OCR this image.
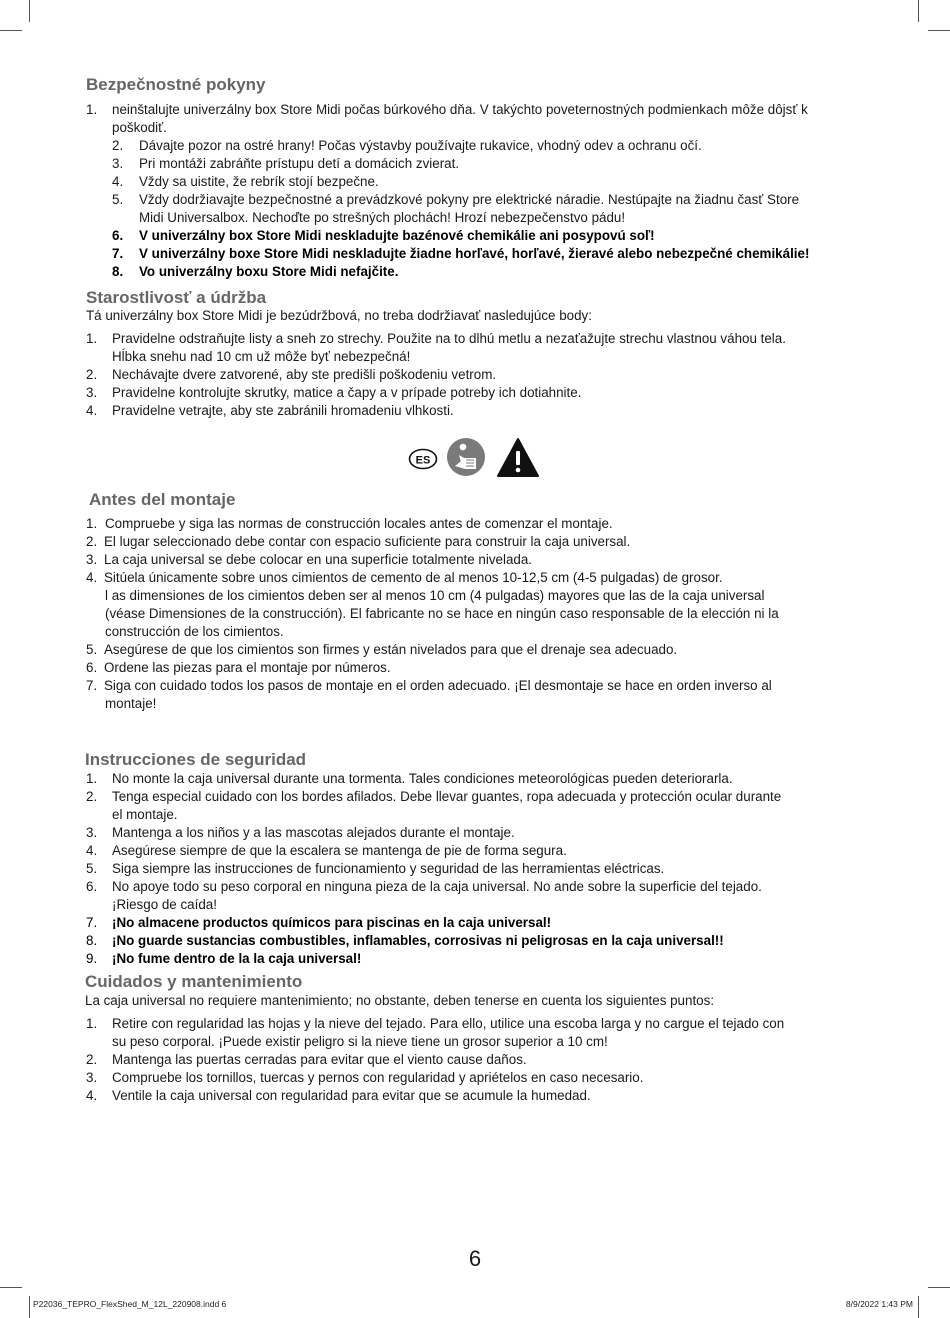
Bezpečnostné pokyny
1. neinštalujte univerzálny box Store Midi počas búrkového dňa. V takýchto poveternostných podmienkach môže dôjsť k
poškodiť.
2. Dávajte pozor na ostré hrany! Počas výstavby používajte rukavice, vhodný odev a ochranu očí.
3. Pri montáži zabráňte prístupu detí a domácich zvierat.
4. Vždy sa uistite, že rebrík stojí bezpečne.
5. Vždy dodržiavajte bezpečnostné a prevádzkové pokyny pre elektrické náradie. Nestúpajte na žiadnu časť Store
Midi Universalbox. Nechoďte po strešných plochách! Hrozí nebezpečenstvo pádu!
6. V univerzálny box Store Midi neskladujte bazénové chemikálie ani posypovú soľ!
7. V univerzálny boxe Store Midi neskladujte žiadne horľavé, horľavé, žieravé alebo nebezpečné chemikálie!
8. Vo univerzálny boxu Store Midi nefajčite.
Starostlivosť a údržba
Tá univerzálny box Store Midi je bezúdržbová, no treba dodržiavať nasledujúce body:
1. Pravidelne odstraňujte listy a sneh zo strechy. Použite na to dlhú metlu a nezaťažujte strechu vlastnou váhou tela.
Hĺbka snehu nad 10 cm už môže byť nebezpečná!
2. Nechávajte dvere zatvorené, aby ste predišli poškodeniu vetrom.
3. Pravidelne kontrolujte skrutky, matice a čapy a v prípade potreby ich dotiahnite.
4. Pravidelne vetrajte, aby ste zabránili hromadeniu vlhkosti.
ES
Antes del montaje
1. Compruebe y siga las normas de construcción locales antes de comenzar el montaje.
2. El lugar seleccionado debe contar con espacio suficiente para construir la caja universal.
3. La caja universal se debe colocar en una superficie totalmente nivelada.
4. Sitúela únicamente sobre unos cimientos de cemento de al menos 10-12,5 cm (4-5 pulgadas) de grosor.
l as dimensiones de los cimientos deben ser al menos 10 cm (4 pulgadas) mayores que las de la caja universal
(véase Dimensiones de la construcción). El fabricante no se hace en ningún caso responsable de la elección ni la
construcción de los cimientos.
5. Asegúrese de que los cimientos son firmes y están nivelados para que el drenaje sea adecuado.
6. Ordene las piezas para el montaje por números.
7. Siga con cuidado todos los pasos de montaje en el orden adecuado. ¡El desmontaje se hace en orden inverso al
montaje!
Instrucciones de seguridad
1. No monte la caja universal durante una tormenta. Tales condiciones meteorológicas pueden deteriorarla.
2. Tenga especial cuidado con los bordes afilados. Debe llevar guantes, ropa adecuada y protección ocular durante
el montaje.
3. Mantenga a los niños y a las mascotas alejados durante el montaje.
4. Asegúrese siempre de que la escalera se mantenga de pie de forma segura.
5. Siga siempre las instrucciones de funcionamiento y seguridad de las herramientas eléctricas.
6. No apoye todo su peso corporal en ninguna pieza de la caja universal. No ande sobre la superficie del tejado.
¡Riesgo de caída!
7. ¡No almacene productos químicos para piscinas en la caja universal!
8. ¡No guarde sustancias combustibles, inflamables, corrosivas ni peligrosas en la caja universal!!
9. ¡No fume dentro de la la caja universal!
Cuidados y mantenimiento
La caja universal no requiere mantenimiento; no obstante, deben tenerse en cuenta los siguientes puntos:
1. Retire con regularidad las hojas y la nieve del tejado. Para ello, utilice una escoba larga y no cargue el tejado con
su peso corporal. ¡Puede existir peligro si la nieve tiene un grosor superior a 10 cm!
2. Mantenga las puertas cerradas para evitar que el viento cause daños.
3. Compruebe los tornillos, tuercas y pernos con regularidad y apriételos en caso necesario.
4. Ventile la caja universal con regularidad para evitar que se acumule la humedad.
6
P22036_TEPRO_FlexShed_M_12L_220908.indd 6	8/9/2022 1:43 PM
